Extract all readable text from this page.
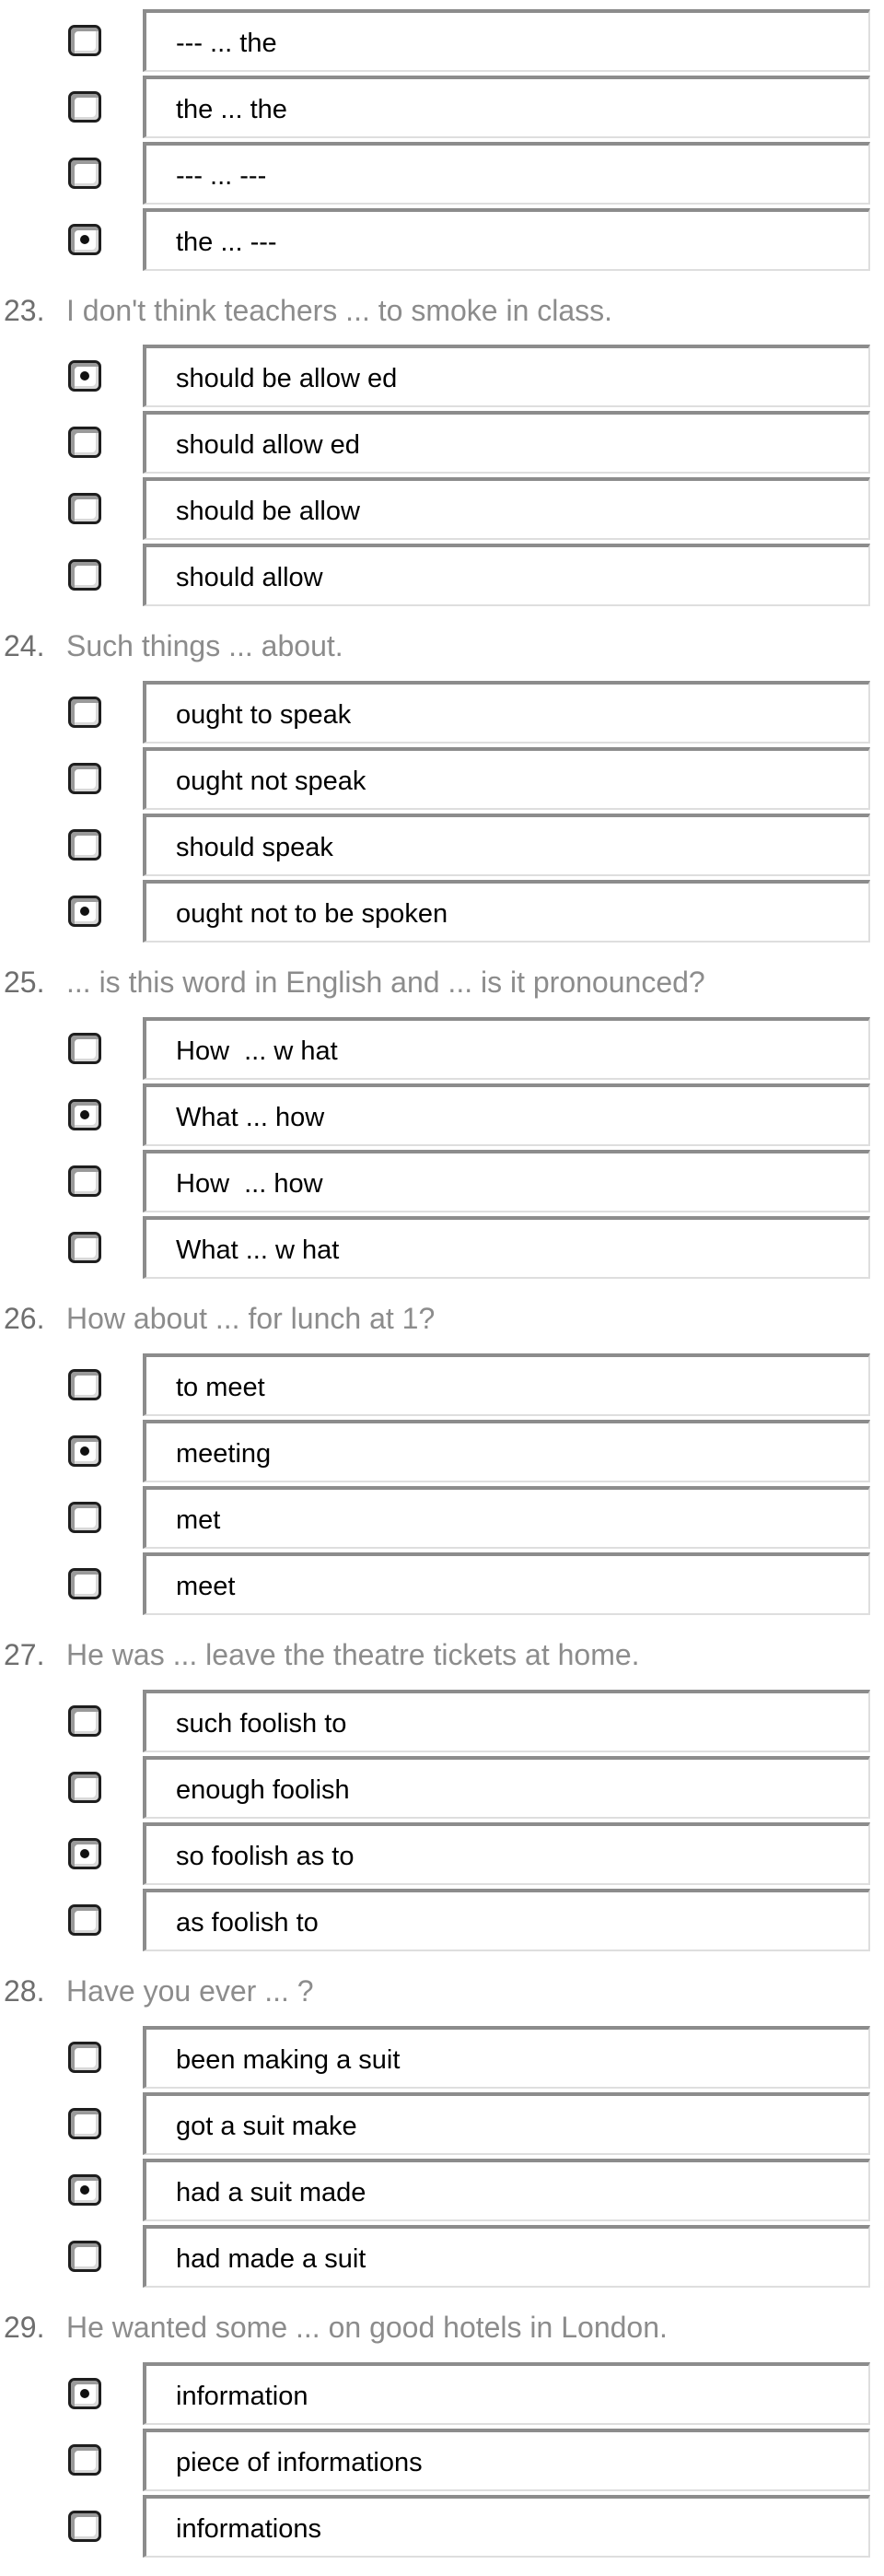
--- ... the
the ... the
--- ... ---
the ... ---
23. I don't think teachers ... to smoke in class.
should be allow ed
should allow ed
should be allow
should allow
24. Such things ... about.
ought to speak
ought not speak
should speak
ought not to be spoken
25. ... is this word in English and ... is it pronounced?
How  ... w hat
What ... how
How  ... how
What ... w hat
26. How about ... for lunch at 1?
to meet
meeting
met
meet
27. He was ... leave the theatre tickets at home.
such foolish to
enough foolish
so foolish as to
as foolish to
28. Have you ever ... ?
been making a suit
got a suit make
had a suit made
had made a suit
29. He wanted some ... on good hotels in London.
information
piece of informations
informations
